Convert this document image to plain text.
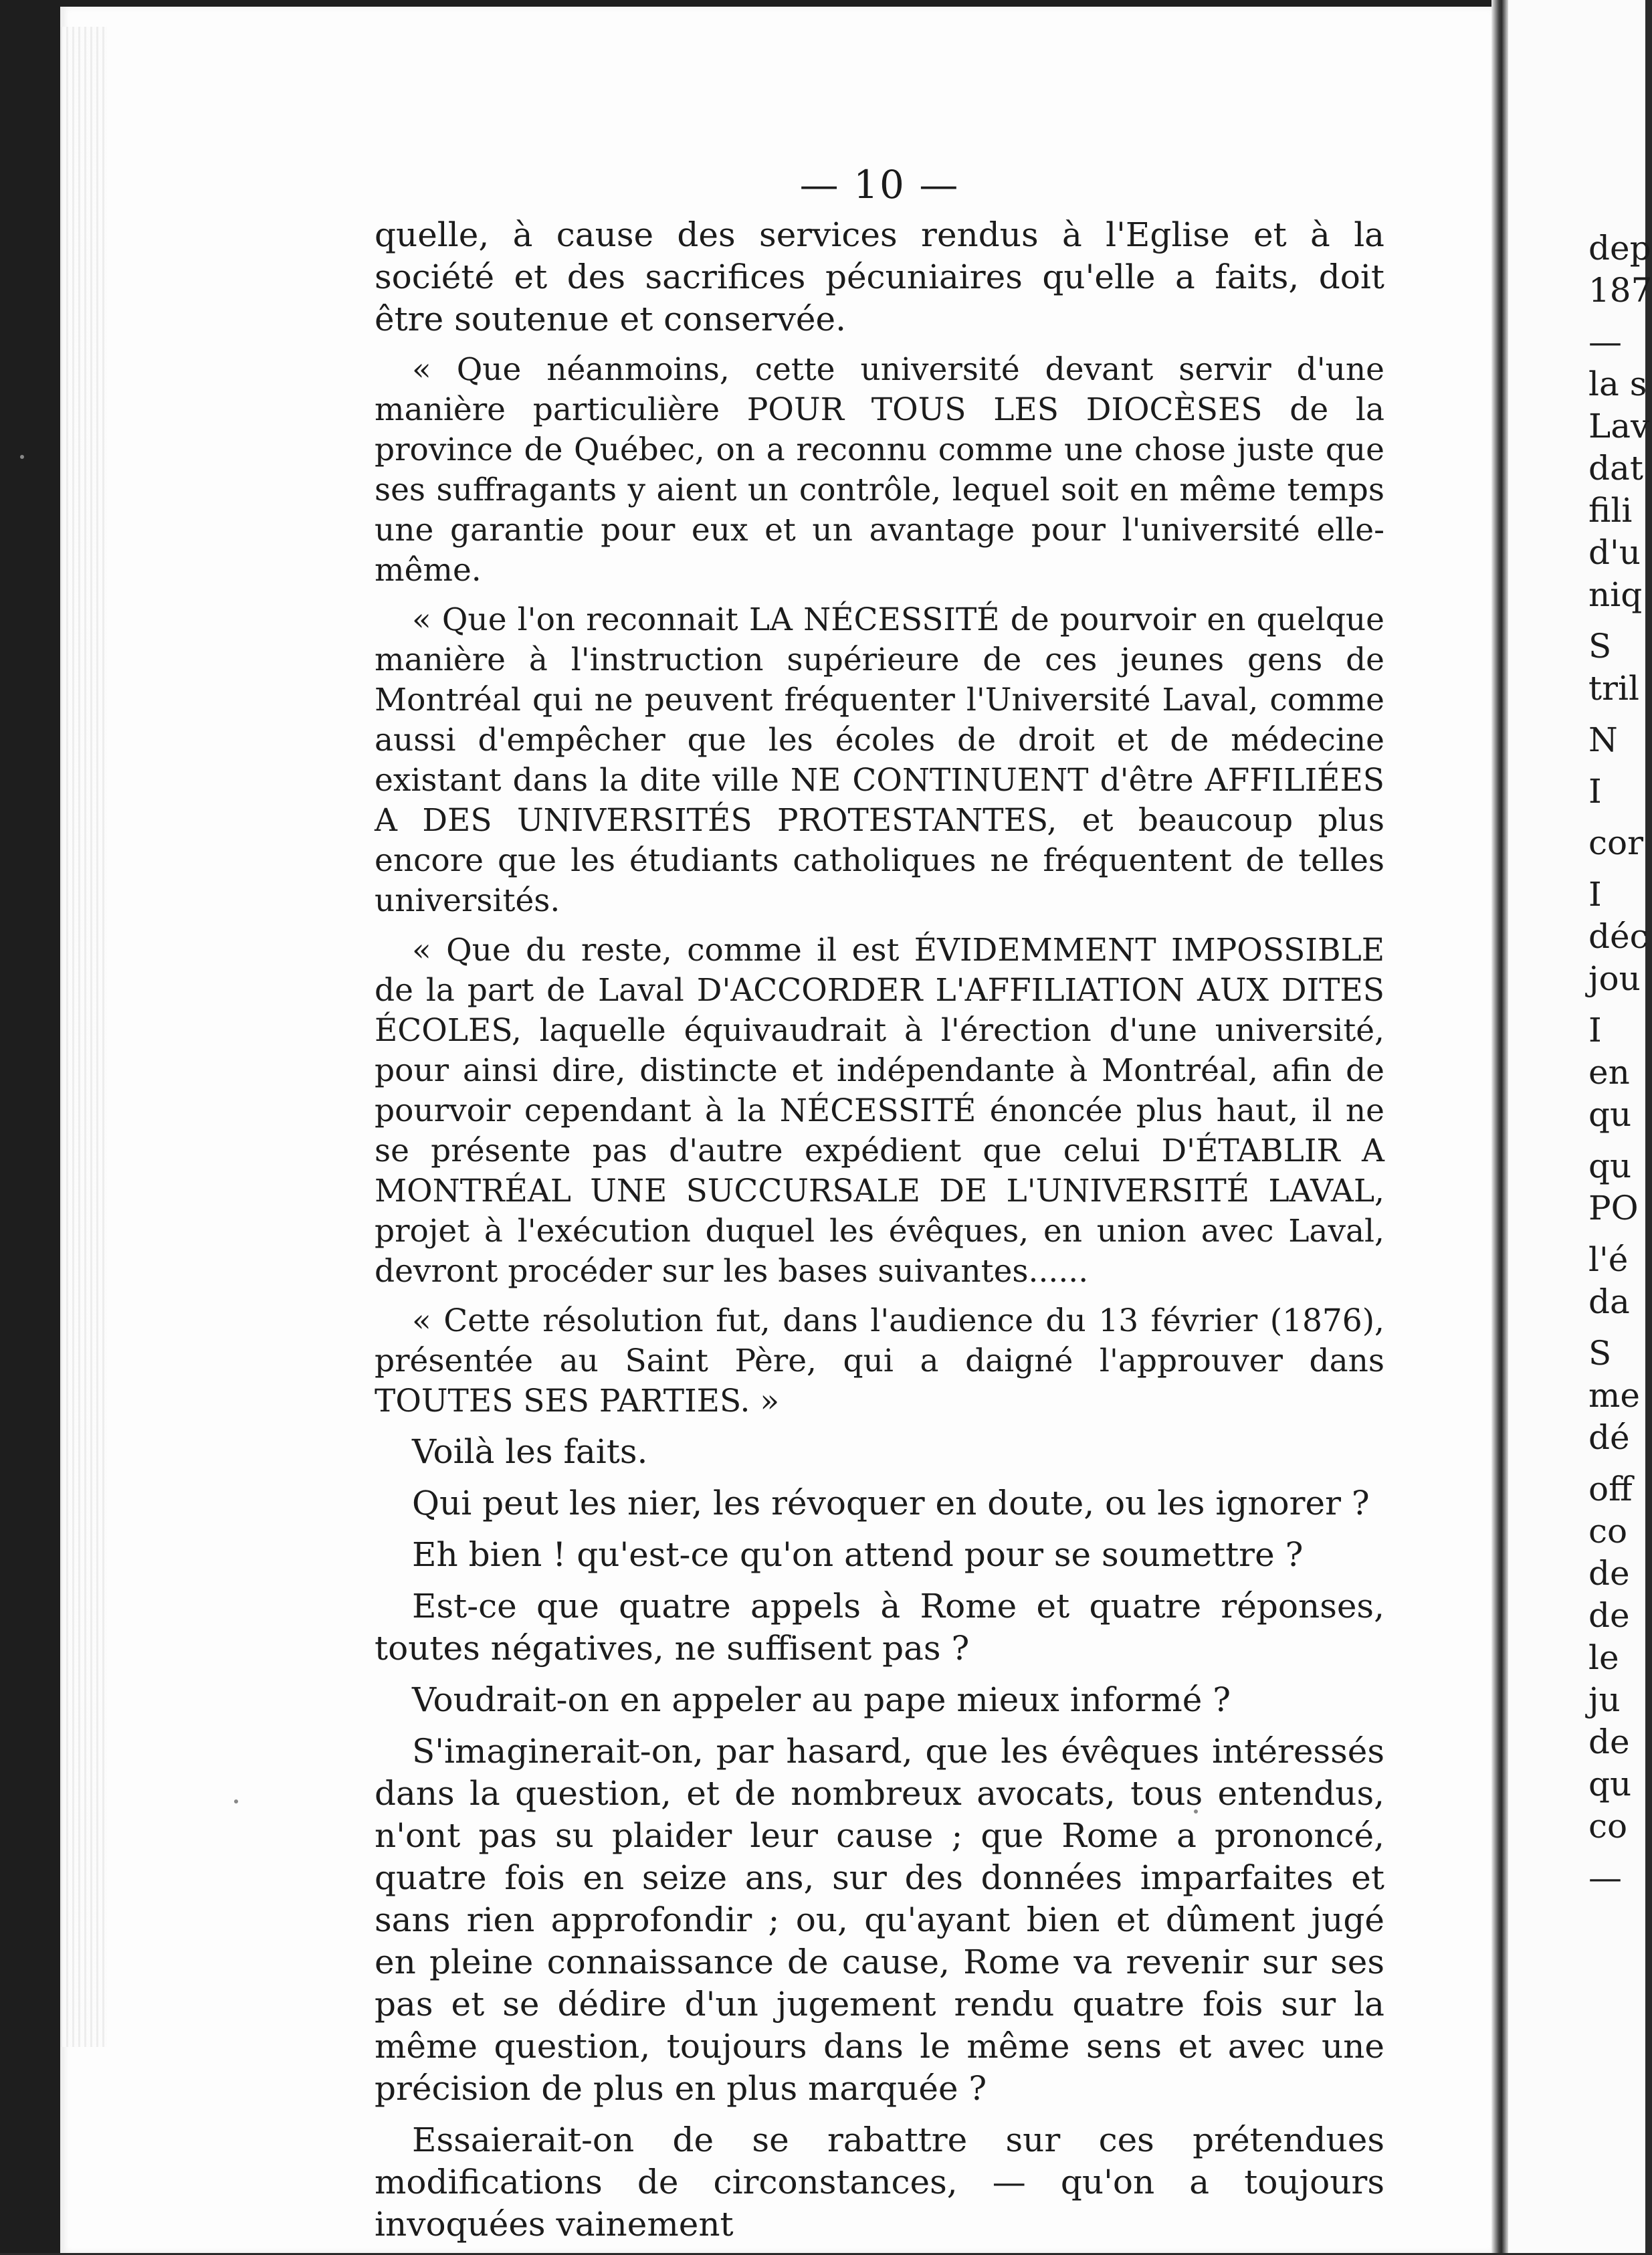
— 10 —

quelle, à cause des services rendus à l'Eglise et à la société et des sacrifices pécuniaires qu'elle a faits, doit être soutenue et conservée.

« Que néanmoins, cette université devant servir d'une manière particulière POUR TOUS LES DIOCÈSES de la province de Québec, on a reconnu comme une chose juste que ses suffragants y aient un contrôle, lequel soit en même temps une garantie pour eux et un avantage pour l'université elle-même.

« Que l'on reconnait LA NÉCESSITÉ de pourvoir en quelque manière à l'instruction supérieure de ces jeunes gens de Montréal qui ne peuvent fréquenter l'Université Laval, comme aussi d'empêcher que les écoles de droit et de médecine existant dans la dite ville NE CONTINUENT d'être AFFILIÉES A DES UNIVERSITÉS PROTESTANTES, et beaucoup plus encore que les étudiants catholiques ne fréquentent de telles universités.

« Que du reste, comme il est ÉVIDEMMENT IMPOSSIBLE de la part de Laval D'ACCORDER L'AFFILIATION AUX DITES ÉCOLES, laquelle équivaudrait à l'érection d'une université, pour ainsi dire, distincte et indépendante à Montréal, afin de pourvoir cependant à la NÉCESSITÉ énoncée plus haut, il ne se présente pas d'autre expédient que celui D'ÉTABLIR A MONTRÉAL UNE SUCCURSALE DE L'UNIVERSITÉ LAVAL, projet à l'exécution duquel les évêques, en union avec Laval, devront procéder sur les bases suivantes......

« Cette résolution fut, dans l'audience du 13 février (1876), présentée au Saint Père, qui a daigné l'approuver dans TOUTES SES PARTIES. »

Voilà les faits.

Qui peut les nier, les révoquer en doute, ou les ignorer ?

Eh bien ! qu'est-ce qu'on attend pour se soumettre ?

Est-ce que quatre appels à Rome et quatre réponses, toutes négatives, ne suffisent pas ?

Voudrait-on en appeler au pape mieux informé ?

S'imaginerait-on, par hasard, que les évêques intéressés dans la question, et de nombreux avocats, tous entendus, n'ont pas su plaider leur cause ; que Rome a prononcé, quatre fois en seize ans, sur des données imparfaites et sans rien approfondir ; ou, qu'ayant bien et dûment jugé en pleine connaissance de cause, Rome va revenir sur ses pas et se dédire d'un jugement rendu quatre fois sur la même question, toujours dans le même sens et avec une précision de plus en plus marquée ?

Essaierait-on de se rabattre sur ces prétendues modifications de circonstances, — qu'on a toujours invoquées vainement

dep
187
—
la s
Lav
dat
fili
d'u
niq
S
tril
N
I
cor
I
déc
jou
I
en
qu
qu
PO
l'é
da
S
me
dé
off
co
de
de
le
ju
de
qu
co
—
